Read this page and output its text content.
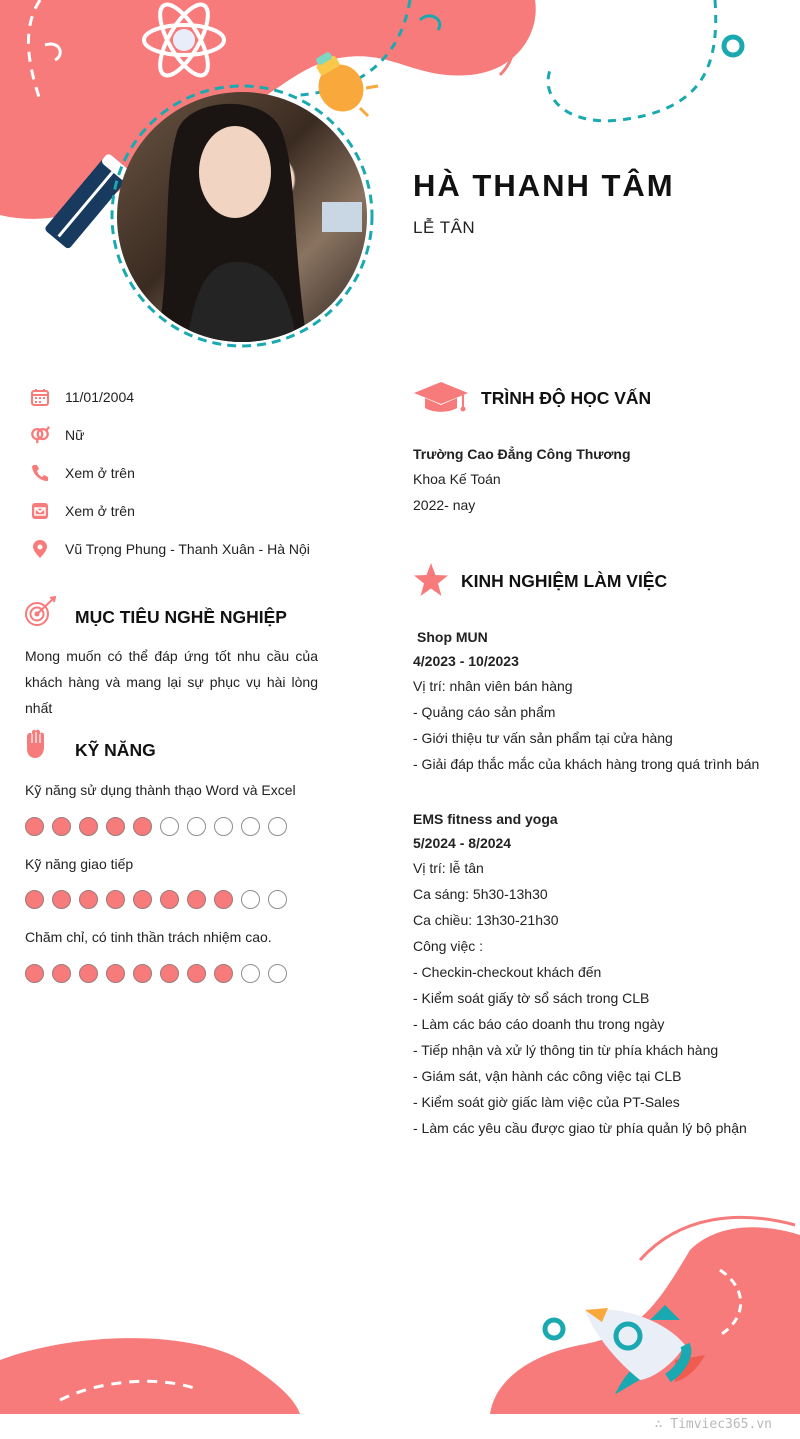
HÀ THANH TÂM
LỄ TÂN
11/01/2004
Nữ
Xem ở trên
Xem ở trên
Vũ Trọng Phung - Thanh Xuân - Hà Nội
MỤC TIÊU NGHỀ NGHIỆP
Mong muốn có thể đáp ứng tốt nhu cầu của khách hàng và mang lại sự phục vụ hài lòng nhất
KỸ NĂNG
Kỹ năng sử dụng thành thạo Word và Excel
Kỹ năng giao tiếp
Chăm chỉ, có tinh thần trách nhiệm cao.
TRÌNH ĐỘ HỌC VẤN
Trường Cao Đẳng Công Thương
Khoa Kế Toán
2022- nay
KINH NGHIỆM LÀM VIỆC
Shop MUN
4/2023 - 10/2023
Vị trí: nhân viên bán hàng
- Quảng cáo sản phẩm
- Giới thiệu tư vấn sản phẩm tại cửa hàng
- Giải đáp thắc mắc của khách hàng trong quá trình bán
EMS fitness and yoga
5/2024 - 8/2024
Vị trí: lễ tân
Ca sáng: 5h30-13h30
Ca chiều: 13h30-21h30
Công việc :
- Checkin-checkout khách đến
- Kiểm soát giấy tờ sổ sách trong CLB
- Làm các báo cáo doanh thu trong ngày
- Tiếp nhận và xử lý thông tin từ phía khách hàng
- Giám sát, vận hành các công việc tại CLB
- Kiểm soát giờ giấc làm việc của PT-Sales
- Làm các yêu cầu được giao từ phía quản lý bộ phận
∴ Timviec365.vn
